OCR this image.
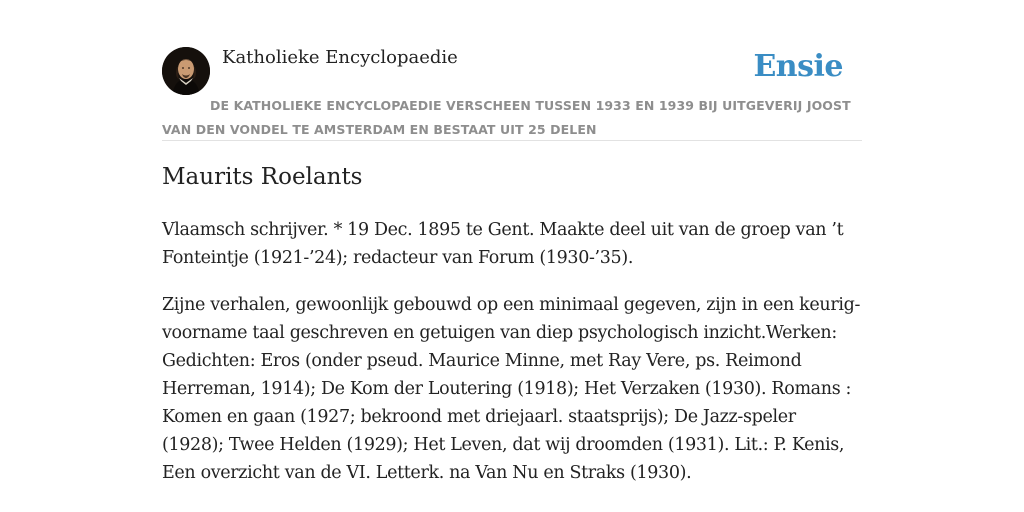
Katholieke Encyclopaedie	Ensie
DE KATHOLIEKE ENCYCLOPAEDIE VERSCHEEN TUSSEN 1933 EN 1939 BIJ UITGEVERIJ JOOST VAN DEN VONDEL TE AMSTERDAM EN BESTAAT UIT 25 DELEN
Maurits Roelants

Vlaamsch schrijver. * 19 Dec. 1895 te Gent. Maakte deel uit van de groep van ’t Fonteintje (1921-’24); redacteur van Forum (1930-’35).

Zijne verhalen, gewoonlijk gebouwd op een minimaal gegeven, zijn in een keurig-voorname taal geschreven en getuigen van diep psychologisch inzicht.Werken: Gedichten: Eros (onder pseud. Maurice Minne, met Ray Vere, ps. Reimond Herreman, 1914); De Kom der Loutering (1918); Het Verzaken (1930). Romans : Komen en gaan (1927; bekroond met driejaarl. staatsprijs); De Jazz-speler (1928); Twee Helden (1929); Het Leven, dat wij droomden (1931). Lit.: P. Kenis, Een overzicht van de VI. Letterk. na Van Nu en Straks (1930).
